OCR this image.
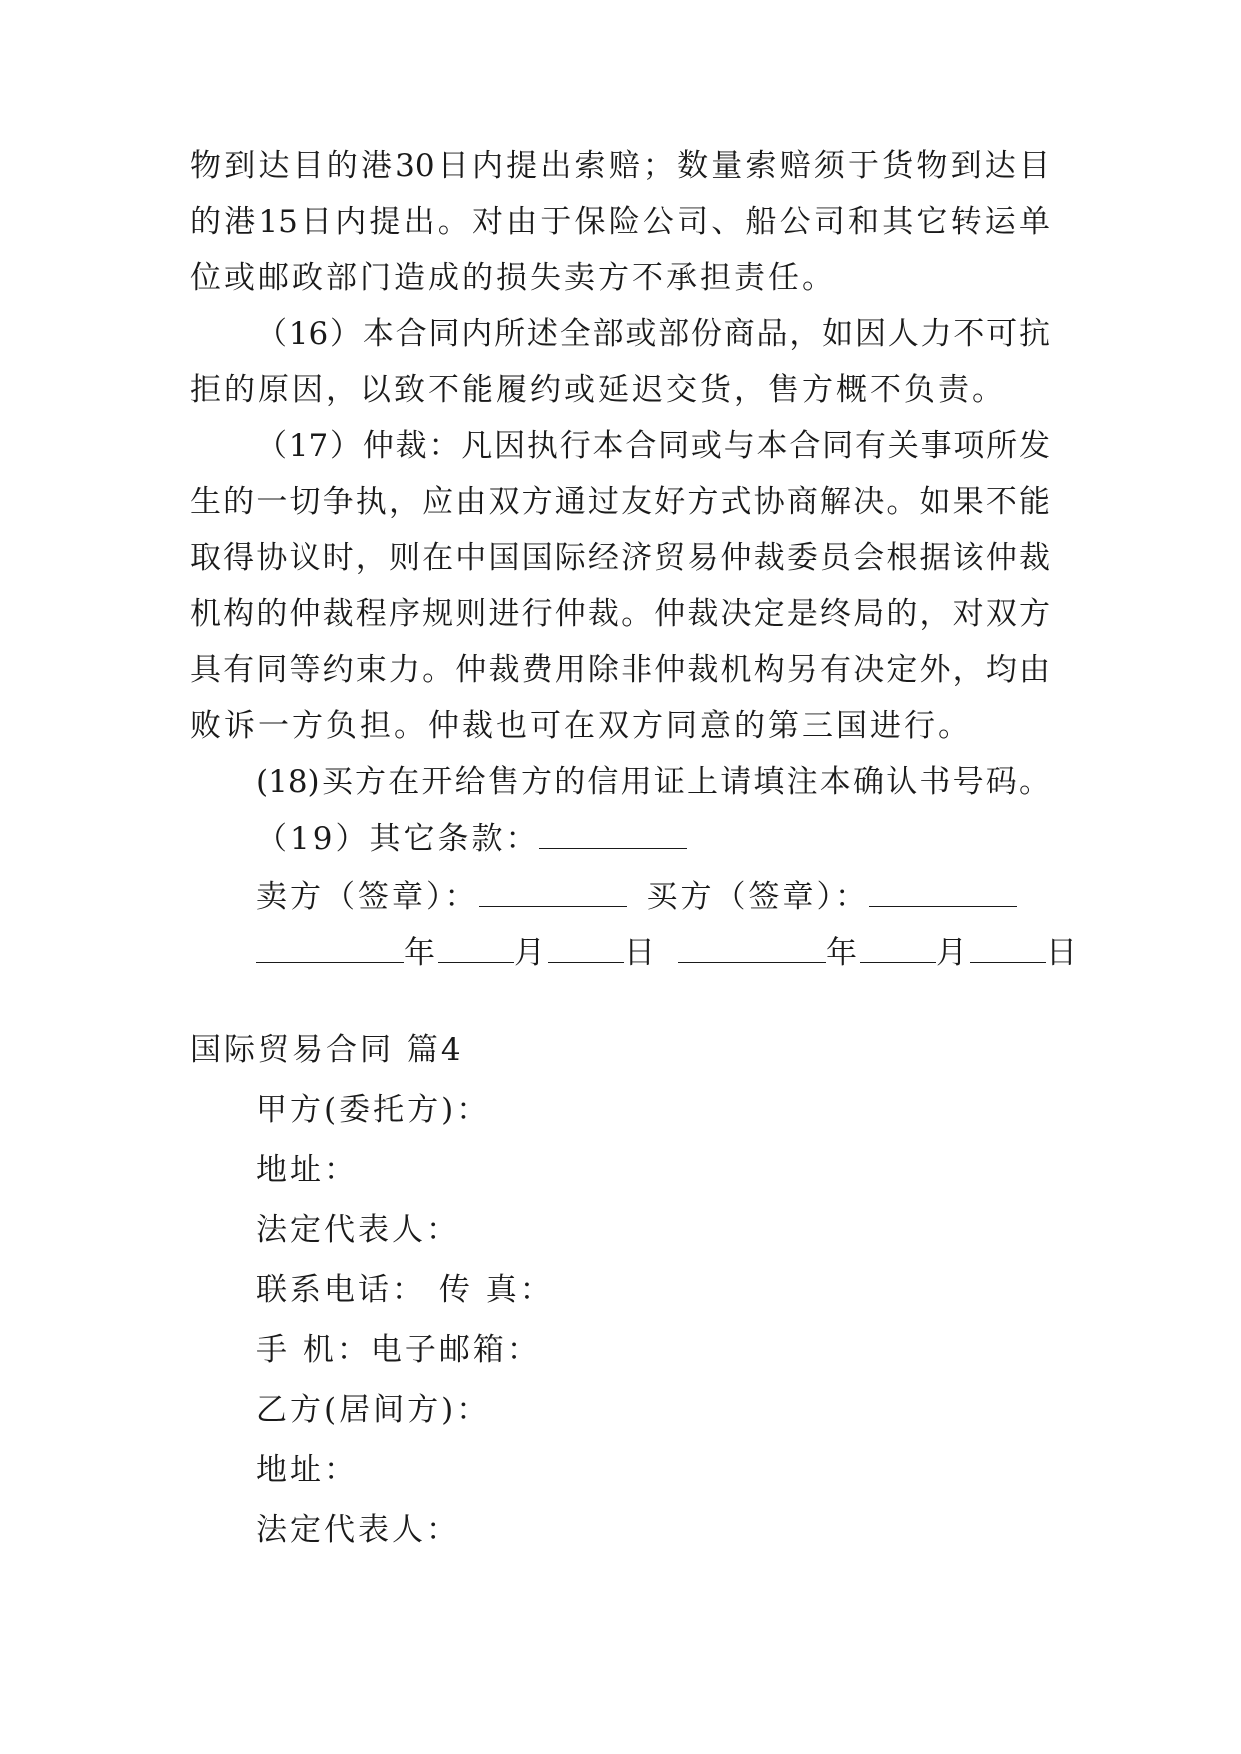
物到达目的港30日内提出索赔；数量索赔须于货物到达目
的港15日内提出。对由于保险公司、船公司和其它转运单
位或邮政部门造成的损失卖方不承担责任。
（16）本合同内所述全部或部份商品，如因人力不可抗
拒的原因，以致不能履约或延迟交货，售方概不负责。
（17）仲裁：凡因执行本合同或与本合同有关事项所发
生的一切争执，应由双方通过友好方式协商解决。如果不能
取得协议时，则在中国国际经济贸易仲裁委员会根据该仲裁
机构的仲裁程序规则进行仲裁。仲裁决定是终局的，对双方
具有同等约束力。仲裁费用除非仲裁机构另有决定外，均由
败诉一方负担。仲裁也可在双方同意的第三国进行。
(18)买方在开给售方的信用证上请填注本确认书号码。
（19）其它条款：
卖方（签章）：	买方（签章）：
年 月 日	年 月 日
国际贸易合同 篇4
甲方(委托方)：
地址：
法定代表人：
联系电话： 传 真：
手 机：电子邮箱：
乙方(居间方)：
地址：
法定代表人：
